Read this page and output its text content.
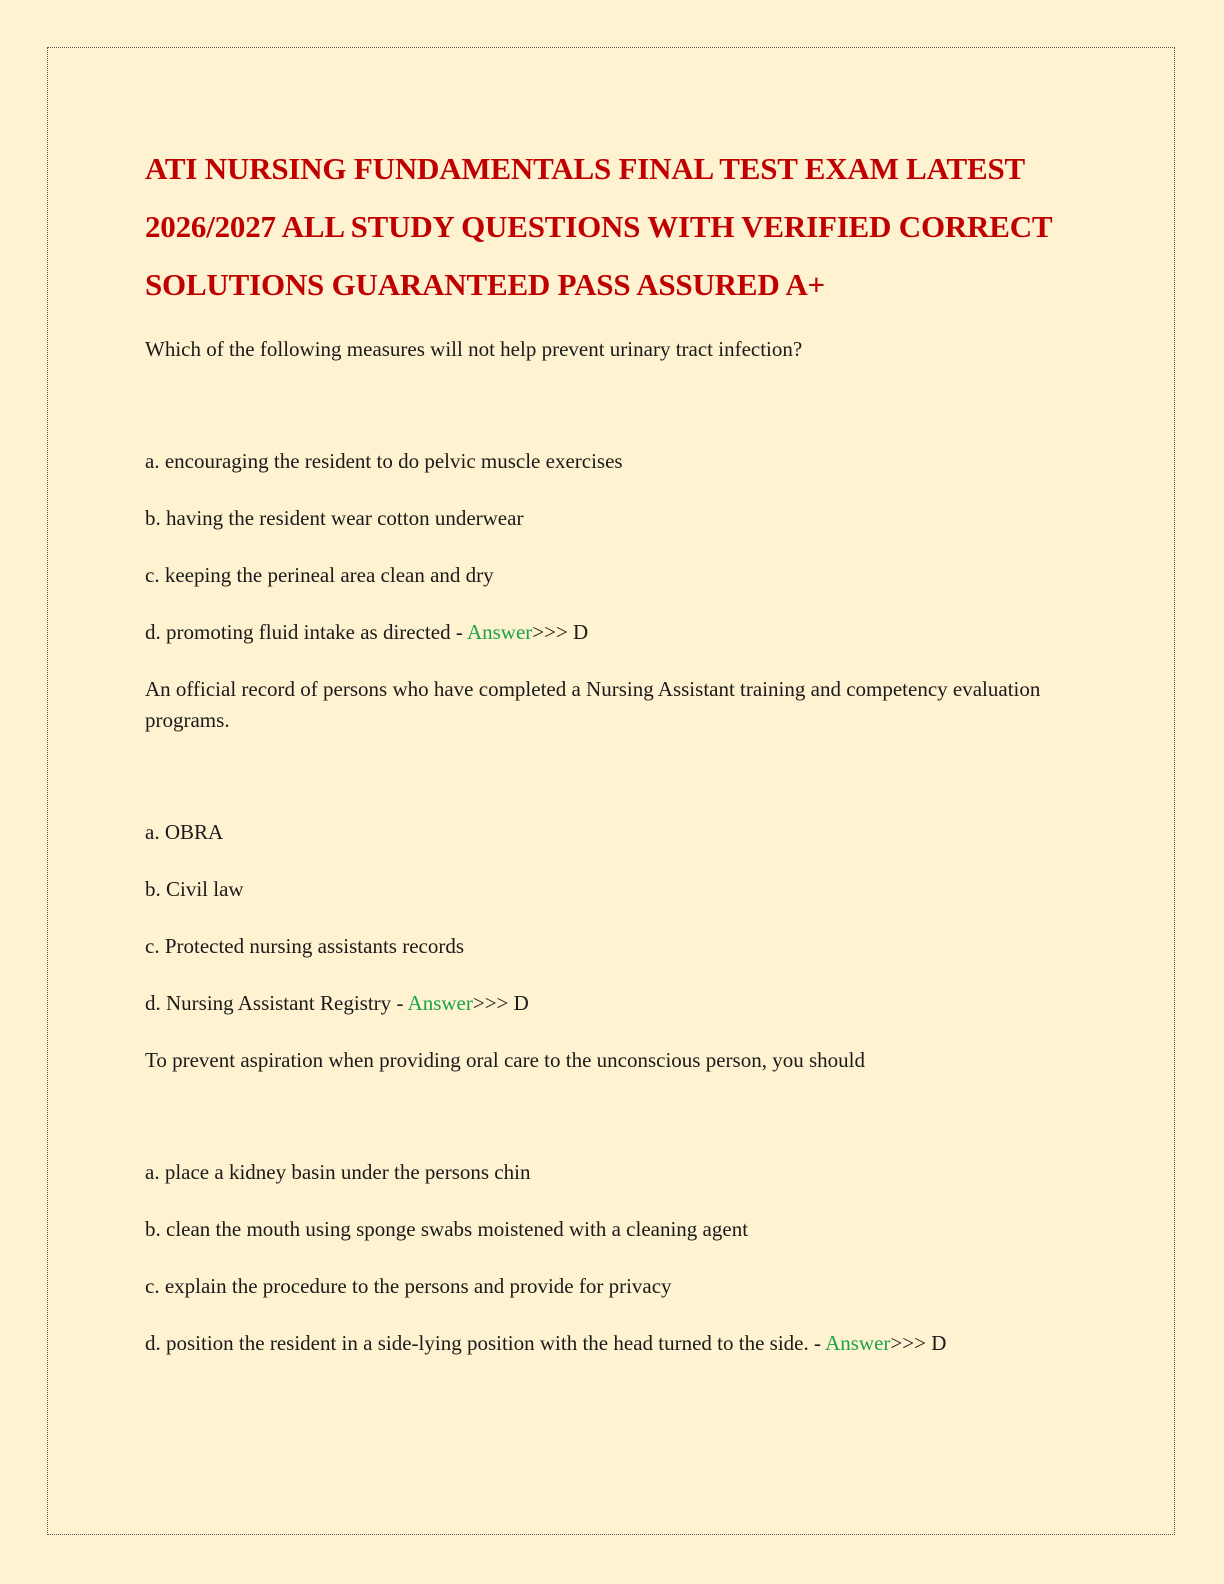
ATI NURSING FUNDAMENTALS FINAL TEST EXAM LATEST 2026/2027 ALL STUDY QUESTIONS WITH VERIFIED CORRECT SOLUTIONS GUARANTEED PASS ASSURED A+

Which of the following measures will not help prevent urinary tract infection?

a. encouraging the resident to do pelvic muscle exercises

b. having the resident wear cotton underwear

c. keeping the perineal area clean and dry

d. promoting fluid intake as directed - Answer>>> D

An official record of persons who have completed a Nursing Assistant training and competency evaluation programs.

a. OBRA

b. Civil law

c. Protected nursing assistants records

d. Nursing Assistant Registry - Answer>>> D

To prevent aspiration when providing oral care to the unconscious person, you should

a. place a kidney basin under the persons chin

b. clean the mouth using sponge swabs moistened with a cleaning agent

c. explain the procedure to the persons and provide for privacy

d. position the resident in a side-lying position with the head turned to the side. - Answer>>> D
